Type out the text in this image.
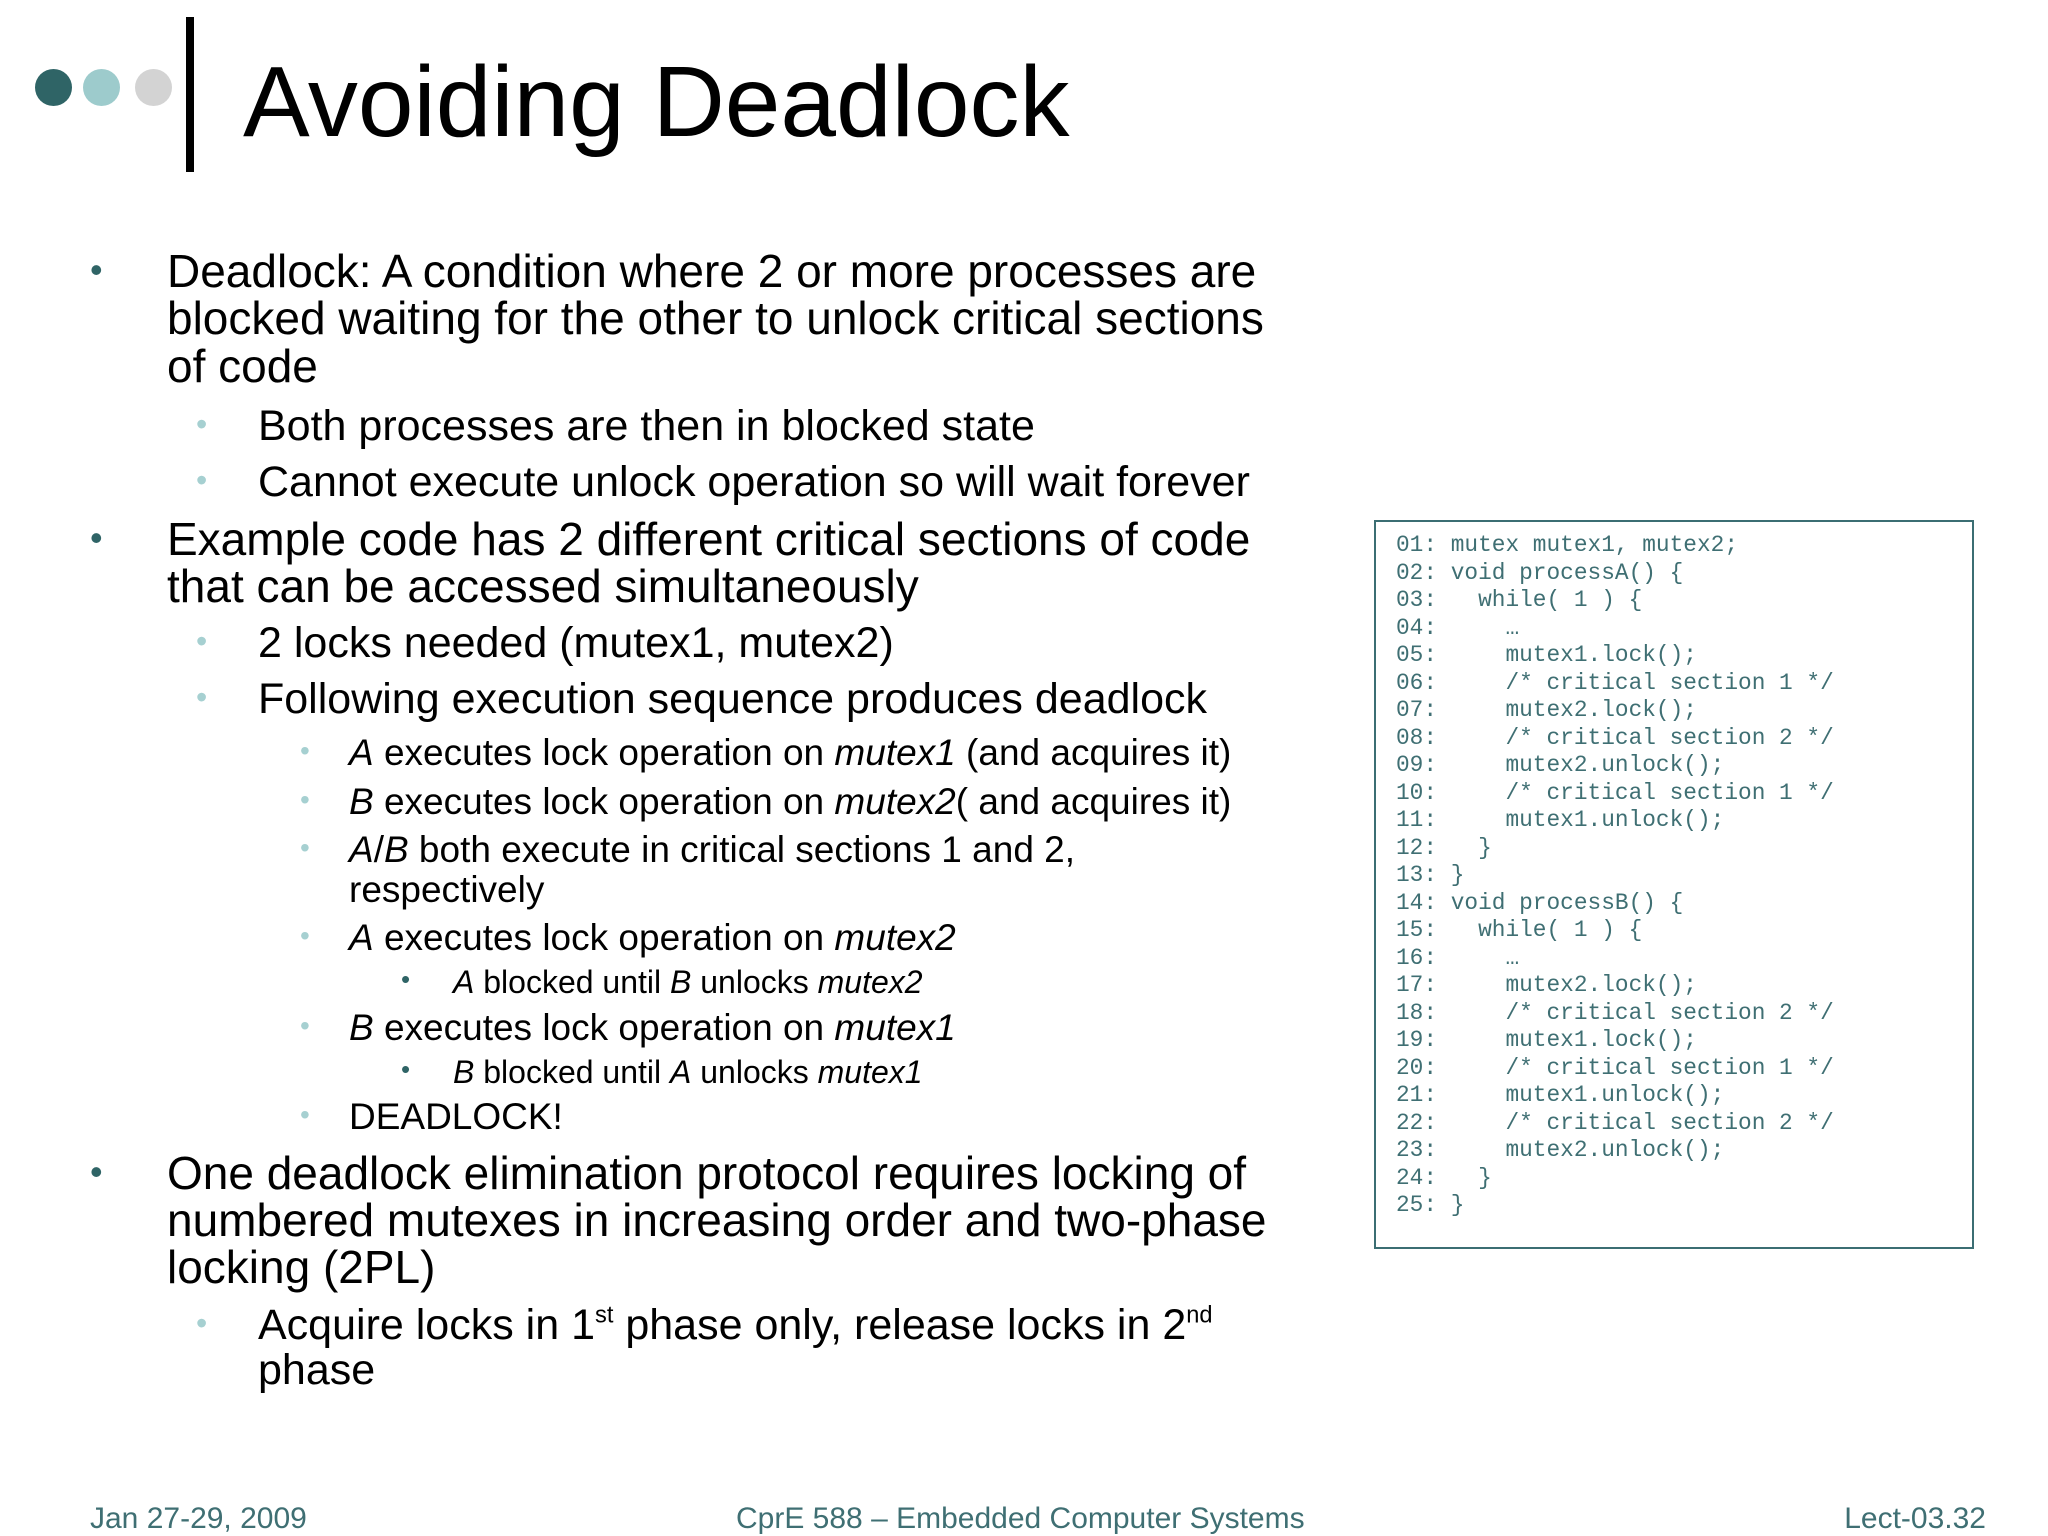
Avoiding Deadlock
• Deadlock: A condition where 2 or more processes are
blocked waiting for the other to unlock critical sections
of code
• Both processes are then in blocked state
• Cannot execute unlock operation so will wait forever
• Example code has 2 different critical sections of code
that can be accessed simultaneously
• 2 locks needed (mutex1, mutex2)
• Following execution sequence produces deadlock
• A executes lock operation on mutex1 (and acquires it)
• B executes lock operation on mutex2( and acquires it)
• A/B both execute in critical sections 1 and 2,
respectively
• A executes lock operation on mutex2
• A blocked until B unlocks mutex2
• B executes lock operation on mutex1
• B blocked until A unlocks mutex1
• DEADLOCK!
• One deadlock elimination protocol requires locking of
numbered mutexes in increasing order and two-phase
locking (2PL)
• Acquire locks in 1st phase only, release locks in 2nd
phase
01: mutex mutex1, mutex2;
02: void processA() {
03:   while( 1 ) {
04:     …
05:     mutex1.lock();
06:     /* critical section 1 */
07:     mutex2.lock();
08:     /* critical section 2 */
09:     mutex2.unlock();
10:     /* critical section 1 */
11:     mutex1.unlock();
12:   }
13: }
14: void processB() {
15:   while( 1 ) {
16:     …
17:     mutex2.lock();
18:     /* critical section 2 */
19:     mutex1.lock();
20:     /* critical section 1 */
21:     mutex1.unlock();
22:     /* critical section 2 */
23:     mutex2.unlock();
24:   }
25: }
Jan 27-29, 2009	CprE 588 – Embedded Computer Systems	Lect-03.32
